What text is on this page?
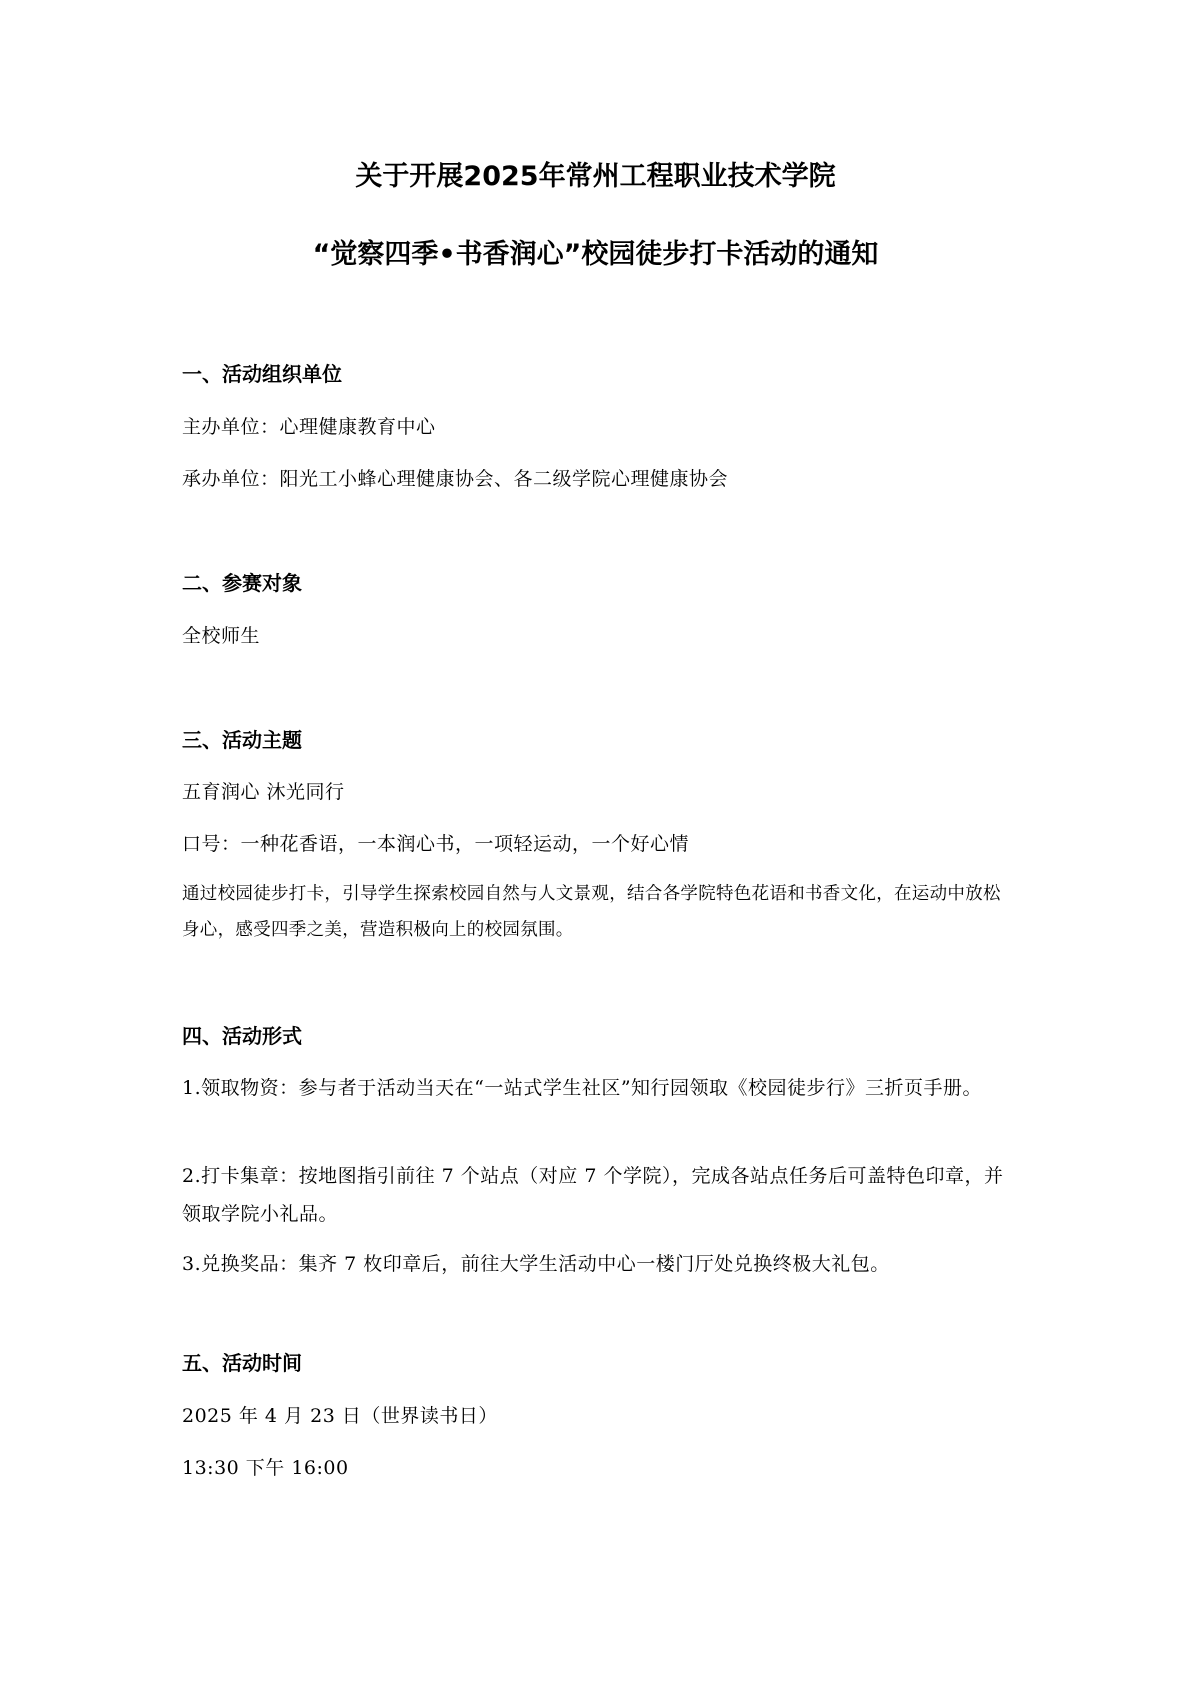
关于开展2025年常州工程职业技术学院
“觉察四季•书香润心”校园徒步打卡活动的通知
一、活动组织单位
主办单位：心理健康教育中心
承办单位：阳光工小蜂心理健康协会、各二级学院心理健康协会
二、参赛对象
全校师生
三、活动主题
五育润心 沐光同行
口号：一种花香语，一本润心书，一项轻运动，一个好心情
通过校园徒步打卡，引导学生探索校园自然与人文景观，结合各学院特色花语和书香文化，在运动中放松身心，感受四季之美，营造积极向上的校园氛围。
四、活动形式
1.领取物资：参与者于活动当天在“一站式学生社区”知行园领取《校园徒步行》三折页手册。
2.打卡集章：按地图指引前往 7 个站点（对应 7 个学院），完成各站点任务后可盖特色印章，并领取学院小礼品。
3.兑换奖品：集齐 7 枚印章后，前往大学生活动中心一楼门厅处兑换终极大礼包。
五、活动时间
2025 年 4 月 23 日（世界读书日）
13:30 下午 16:00
